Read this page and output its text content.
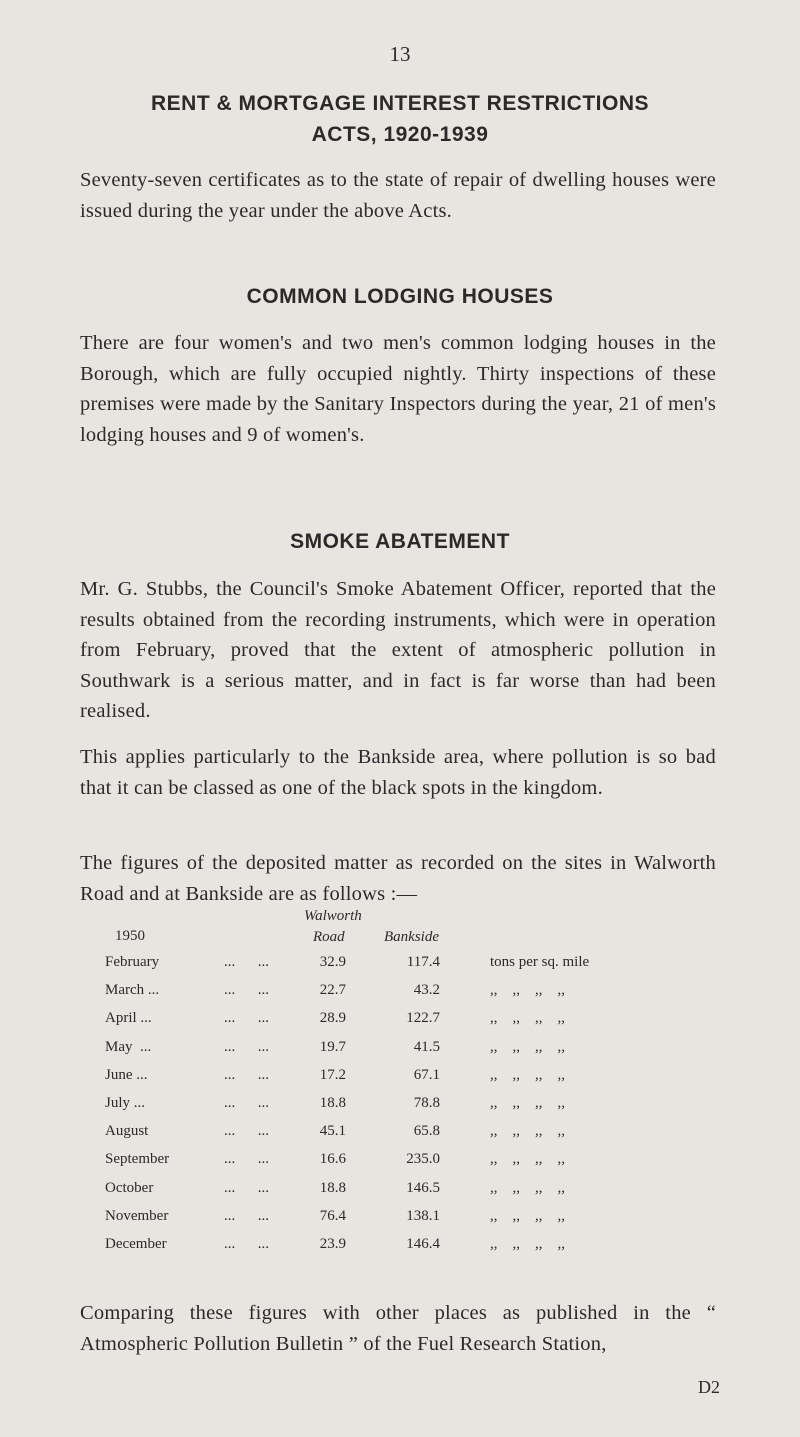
13
RENT & MORTGAGE INTEREST RESTRICTIONS
ACTS, 1920-1939

Seventy-seven certificates as to the state of repair of dwelling houses were issued during the year under the above Acts.

COMMON LODGING HOUSES

There are four women's and two men's common lodging houses in the Borough, which are fully occupied nightly. Thirty inspections of these premises were made by the Sanitary Inspectors during the year, 21 of men's lodging houses and 9 of women's.

SMOKE ABATEMENT

Mr. G. Stubbs, the Council's Smoke Abatement Officer, reported that the results obtained from the recording instruments, which were in operation from February, proved that the extent of atmospheric pollution in Southwark is a serious matter, and in fact is far worse than had been realised.

This applies particularly to the Bankside area, where pollution is so bad that it can be classed as one of the black spots in the kingdom.

The figures of the deposited matter as recorded on the sites in Walworth Road and at Bankside are as follows :—

1950
Walworth
Road	Bankside
February	...      ...	32.9	117.4	tons per sq. mile
March ...	...      ...	22.7	43.2	,,    ,,    ,,    ,,
April ...	...      ...	28.9	122.7	,,    ,,    ,,    ,,
May  ...	...      ...	19.7	41.5	,,    ,,    ,,    ,,
June ...	...      ...	17.2	67.1	,,    ,,    ,,    ,,
July ...	...      ...	18.8	78.8	,,    ,,    ,,    ,,
August	...      ...	45.1	65.8	,,    ,,    ,,    ,,
September	...      ...	16.6	235.0	,,    ,,    ,,    ,,
October	...      ...	18.8	146.5	,,    ,,    ,,    ,,
November	...      ...	76.4	138.1	,,    ,,    ,,    ,,
December	...      ...	23.9	146.4	,,    ,,    ,,    ,,

Comparing these figures with other places as published in the “ Atmospheric Pollution Bulletin ” of the Fuel Research Station,

D2
